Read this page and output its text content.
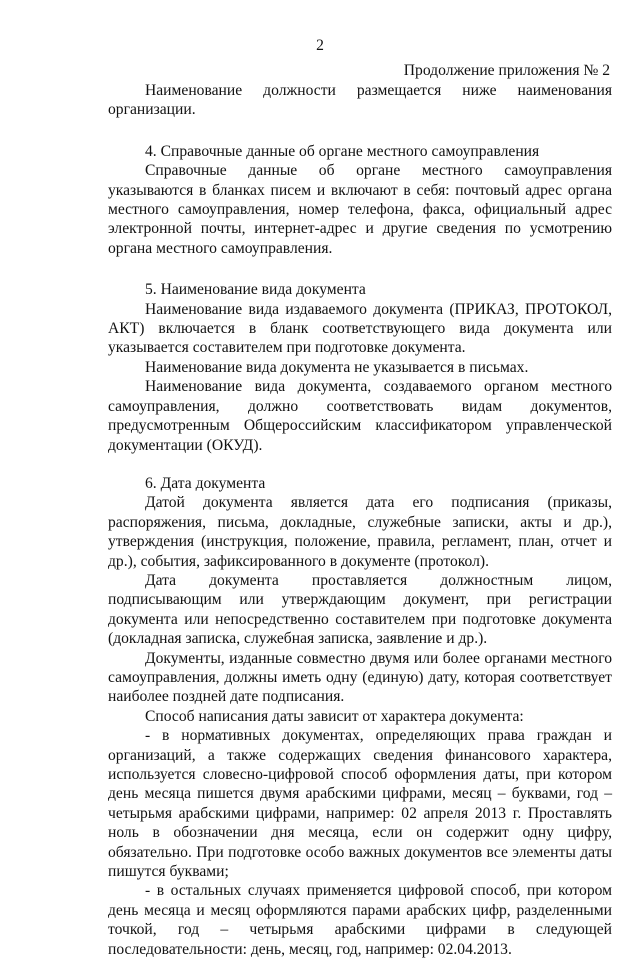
2
Продолжение приложения № 2

Наименование должности размещается ниже наименования организации.

4. Справочные данные об органе местного самоуправления

Справочные данные об органе местного самоуправления указываются в бланках писем и включают в себя: почтовый адрес органа местного самоуправления, номер телефона, факса, официальный адрес электронной почты, интернет-адрес и другие сведения по усмотрению органа местного самоуправления.

5. Наименование вида документа

Наименование вида издаваемого документа (ПРИКАЗ, ПРОТОКОЛ, АКТ) включается в бланк соответствующего вида документа или указывается составителем при подготовке документа.

Наименование вида документа не указывается в письмах.

Наименование вида документа, создаваемого органом местного самоуправления, должно соответствовать видам документов, предусмотренным Общероссийским классификатором управленческой документации (ОКУД).

6. Дата документа

Датой документа является дата его подписания (приказы, распоряжения, письма, докладные, служебные записки, акты и др.), утверждения (инструкция, положение, правила, регламент, план, отчет и др.), события, зафиксированного в документе (протокол).

Дата документа проставляется должностным лицом, подписывающим или утверждающим документ, при регистрации документа или непосредственно составителем при подготовке документа (докладная записка, служебная записка, заявление и др.).

Документы, изданные совместно двумя или более органами местного самоуправления, должны иметь одну (единую) дату, которая соответствует наиболее поздней дате подписания.

Способ написания даты зависит от характера документа:

- в нормативных документах, определяющих права граждан и организаций, а также содержащих сведения финансового характера, используется словесно-цифровой способ оформления даты, при котором день месяца пишется двумя арабскими цифрами, месяц – буквами, год – четырьмя арабскими цифрами, например: 02 апреля 2013 г. Проставлять ноль в обозначении дня месяца, если он содержит одну цифру, обязательно. При подготовке особо важных документов все элементы даты пишутся буквами;

- в остальных случаях применяется цифровой способ, при котором день месяца и месяц оформляются парами арабских цифр, разделенными точкой, год – четырьмя арабскими цифрами в следующей последовательности: день, месяц, год, например: 02.04.2013.
